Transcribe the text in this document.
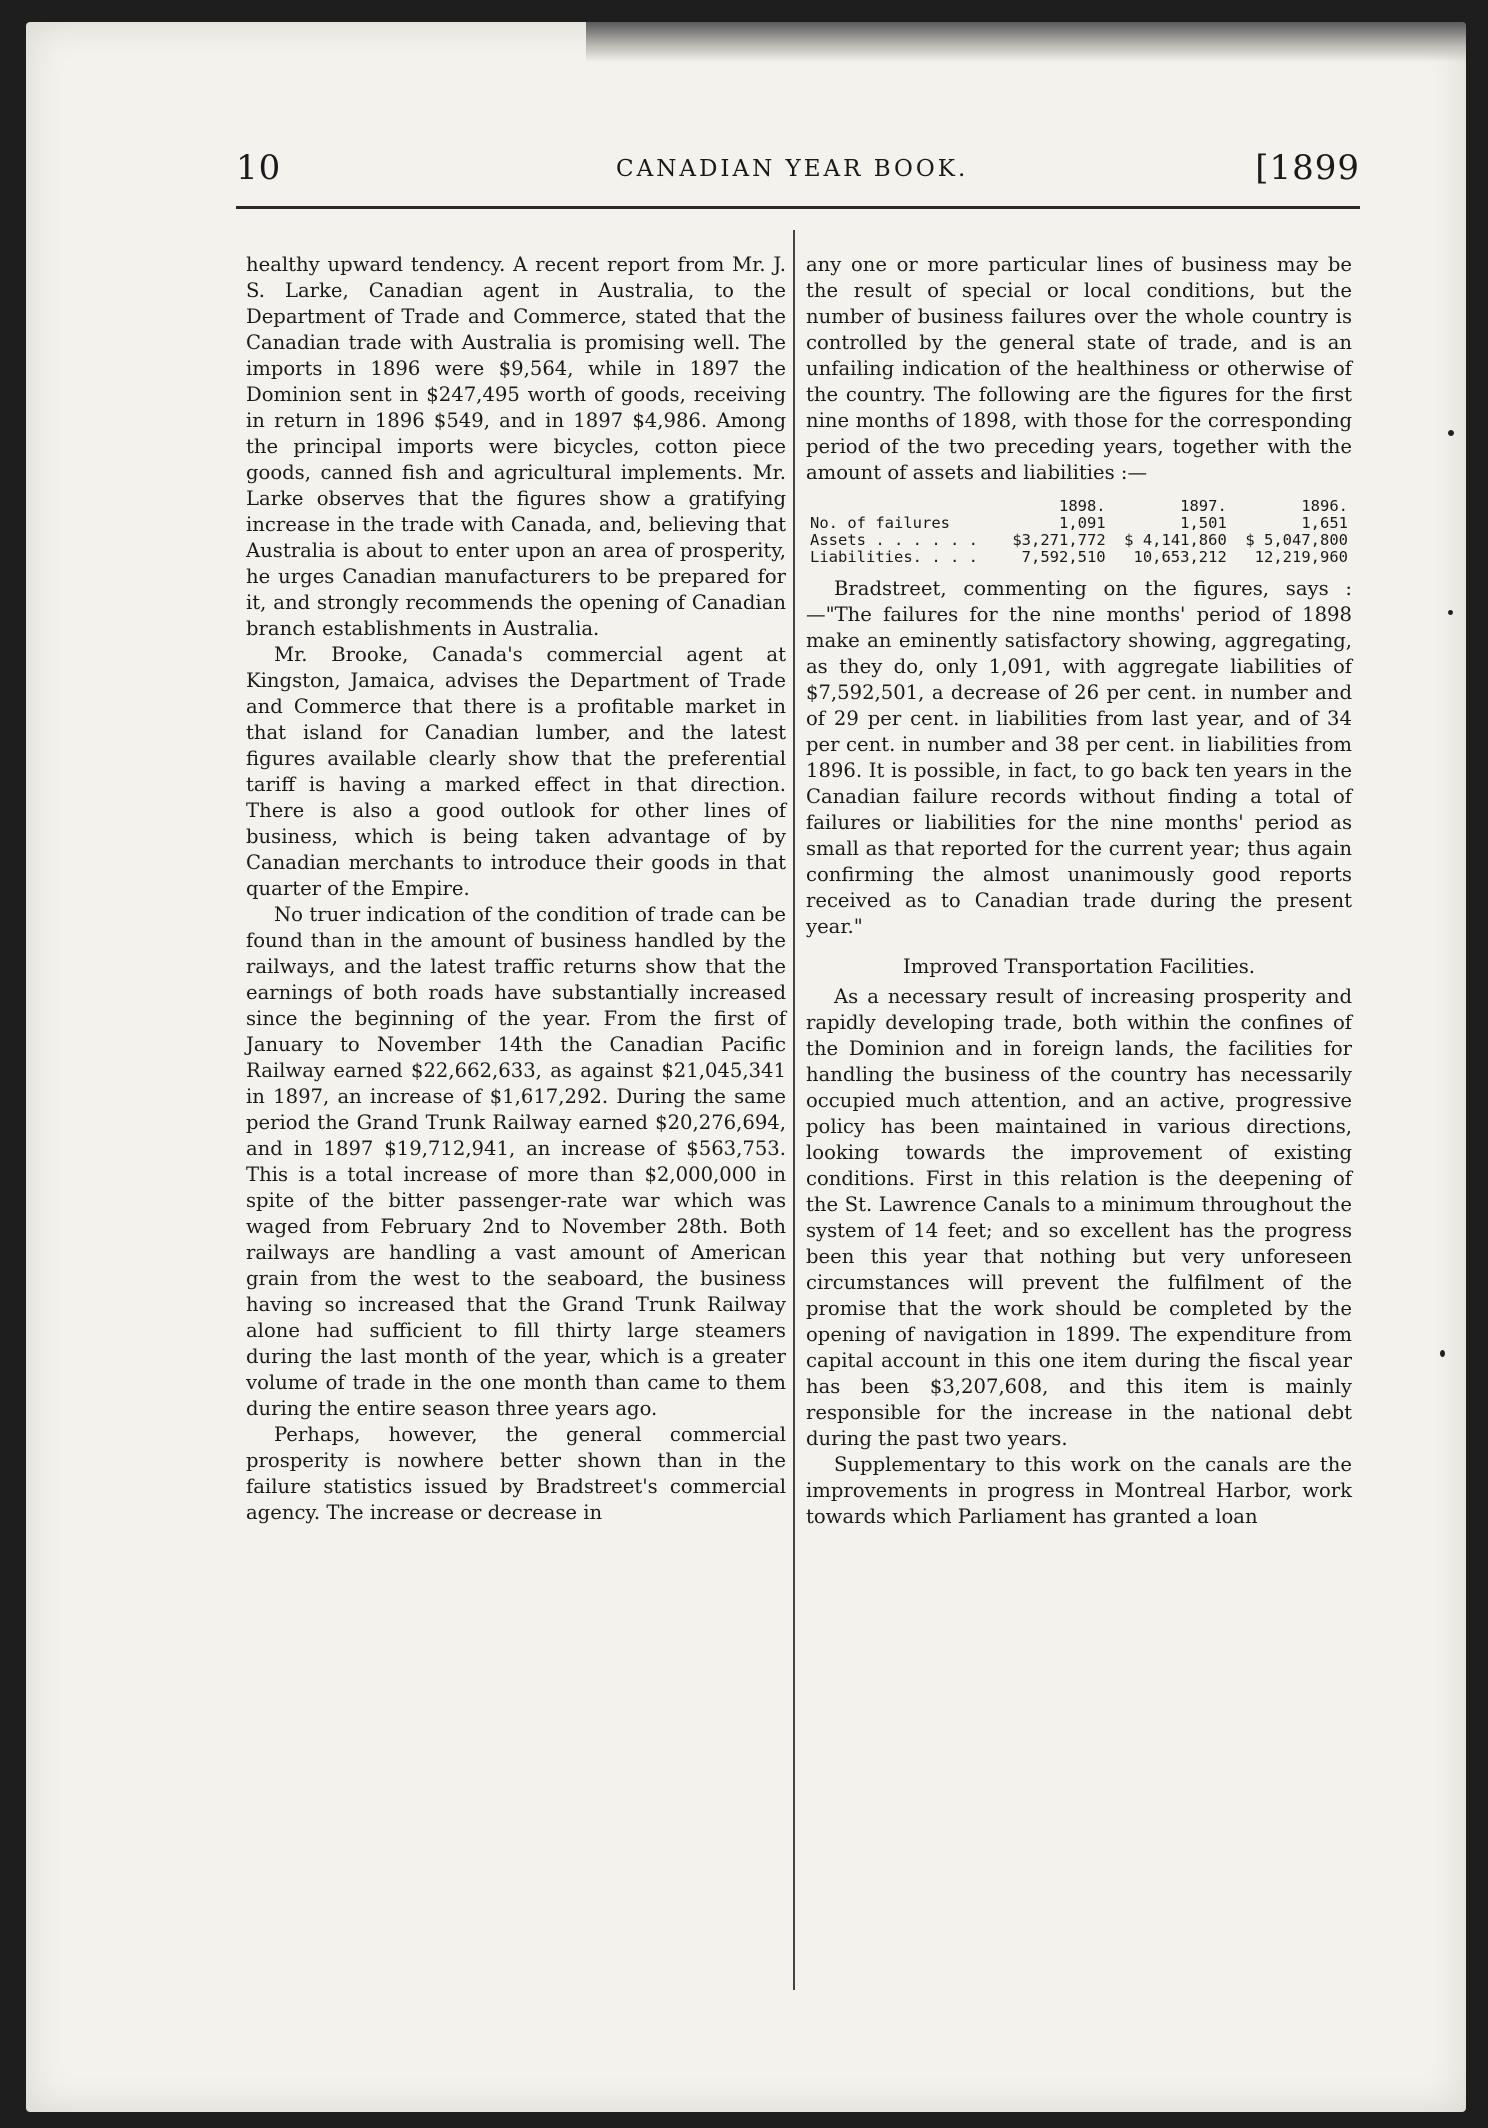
10	CANADIAN YEAR BOOK.	[1899

healthy upward tendency. A recent report from Mr. J. S. Larke, Canadian agent in Australia, to the Department of Trade and Commerce, stated that the Canadian trade with Australia is promising well. The imports in 1896 were $9,564, while in 1897 the Dominion sent in $247,495 worth of goods, receiving in return in 1896 $549, and in 1897 $4,986. Among the principal imports were bicycles, cotton piece goods, canned fish and agricultural implements. Mr. Larke observes that the figures show a gratifying increase in the trade with Canada, and, believing that Australia is about to enter upon an area of prosperity, he urges Canadian manufacturers to be prepared for it, and strongly recommends the opening of Canadian branch establishments in Australia.

Mr. Brooke, Canada's commercial agent at Kingston, Jamaica, advises the Department of Trade and Commerce that there is a profitable market in that island for Canadian lumber, and the latest figures available clearly show that the preferential tariff is having a marked effect in that direction. There is also a good outlook for other lines of business, which is being taken advantage of by Canadian merchants to introduce their goods in that quarter of the Empire.

No truer indication of the condition of trade can be found than in the amount of business handled by the railways, and the latest traffic returns show that the earnings of both roads have substantially increased since the beginning of the year. From the first of January to November 14th the Canadian Pacific Railway earned $22,662,633, as against $21,045,341 in 1897, an increase of $1,617,292. During the same period the Grand Trunk Railway earned $20,276,694, and in 1897 $19,712,941, an increase of $563,753. This is a total increase of more than $2,000,000 in spite of the bitter passenger-rate war which was waged from February 2nd to November 28th. Both railways are handling a vast amount of American grain from the west to the seaboard, the business having so increased that the Grand Trunk Railway alone had sufficient to fill thirty large steamers during the last month of the year, which is a greater volume of trade in the one month than came to them during the entire season three years ago.

Perhaps, however, the general commercial prosperity is nowhere better shown than in the failure statistics issued by Bradstreet's commercial agency. The increase or decrease in

any one or more particular lines of business may be the result of special or local conditions, but the number of business failures over the whole country is controlled by the general state of trade, and is an unfailing indication of the healthiness or otherwise of the country. The following are the figures for the first nine months of 1898, with those for the corresponding period of the two preceding years, together with the amount of assets and liabilities :—

	1898.	1897.	1896.
No. of failures	1,091	1,501	1,651
Assets . . . . . .	$3,271,772	$ 4,141,860	$ 5,047,800
Liabilities. . . .	7,592,510	10,653,212	12,219,960

Bradstreet, commenting on the figures, says :—"The failures for the nine months' period of 1898 make an eminently satisfactory showing, aggregating, as they do, only 1,091, with aggregate liabilities of $7,592,501, a decrease of 26 per cent. in number and of 29 per cent. in liabilities from last year, and of 34 per cent. in number and 38 per cent. in liabilities from 1896. It is possible, in fact, to go back ten years in the Canadian failure records without finding a total of failures or liabilities for the nine months' period as small as that reported for the current year; thus again confirming the almost unanimously good reports received as to Canadian trade during the present year."

Improved Transportation Facilities.

As a necessary result of increasing prosperity and rapidly developing trade, both within the confines of the Dominion and in foreign lands, the facilities for handling the business of the country has necessarily occupied much attention, and an active, progressive policy has been maintained in various directions, looking towards the improvement of existing conditions. First in this relation is the deepening of the St. Lawrence Canals to a minimum throughout the system of 14 feet; and so excellent has the progress been this year that nothing but very unforeseen circumstances will prevent the fulfilment of the promise that the work should be completed by the opening of navigation in 1899. The expenditure from capital account in this one item during the fiscal year has been $3,207,608, and this item is mainly responsible for the increase in the national debt during the past two years.

Supplementary to this work on the canals are the improvements in progress in Montreal Harbor, work towards which Parliament has granted a loan
